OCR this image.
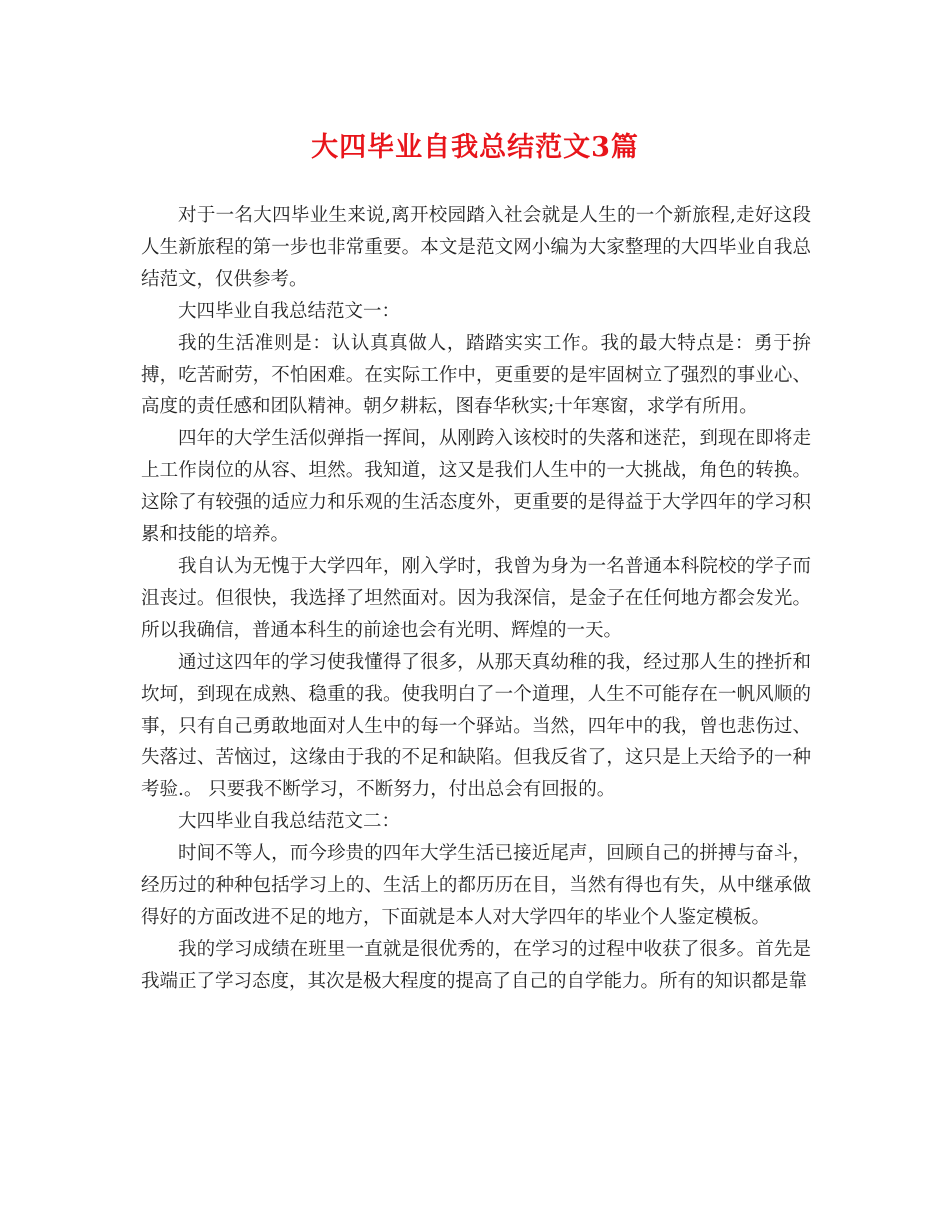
大四毕业自我总结范文3篇

对于一名大四毕业生来说,离开校园踏入社会就是人生的一个新旅程,走好这段人生新旅程的第一步也非常重要。本文是范文网小编为大家整理的大四毕业自我总结范文，仅供参考。

大四毕业自我总结范文一：

我的生活准则是：认认真真做人，踏踏实实工作。我的最大特点是：勇于拚搏，吃苦耐劳，不怕困难。在实际工作中，更重要的是牢固树立了强烈的事业心、高度的责任感和团队精神。朝夕耕耘，图春华秋实;十年寒窗，求学有所用。

四年的大学生活似弹指一挥间，从刚跨入该校时的失落和迷茫，到现在即将走上工作岗位的从容、坦然。我知道，这又是我们人生中的一大挑战，角色的转换。这除了有较强的适应力和乐观的生活态度外，更重要的是得益于大学四年的学习积累和技能的培养。

我自认为无愧于大学四年，刚入学时，我曾为身为一名普通本科院校的学子而沮丧过。但很快，我选择了坦然面对。因为我深信，是金子在任何地方都会发光。所以我确信，普通本科生的前途也会有光明、辉煌的一天。

通过这四年的学习使我懂得了很多，从那天真幼稚的我，经过那人生的挫折和坎坷，到现在成熟、稳重的我。使我明白了一个道理，人生不可能存在一帆风顺的事，只有自己勇敢地面对人生中的每一个驿站。当然，四年中的我，曾也悲伤过、失落过、苦恼过，这缘由于我的不足和缺陷。但我反省了，这只是上天给予的一种考验.。 只要我不断学习，不断努力，付出总会有回报的。

大四毕业自我总结范文二：

时间不等人，而今珍贵的四年大学生活已接近尾声，回顾自己的拼搏与奋斗，经历过的种种包括学习上的、生活上的都历历在目，当然有得也有失，从中继承做得好的方面改进不足的地方，下面就是本人对大学四年的毕业个人鉴定模板。

我的学习成绩在班里一直就是很优秀的，在学习的过程中收获了很多。首先是我端正了学习态度，其次是极大程度的提高了自己的自学能力。所有的知识都是靠
